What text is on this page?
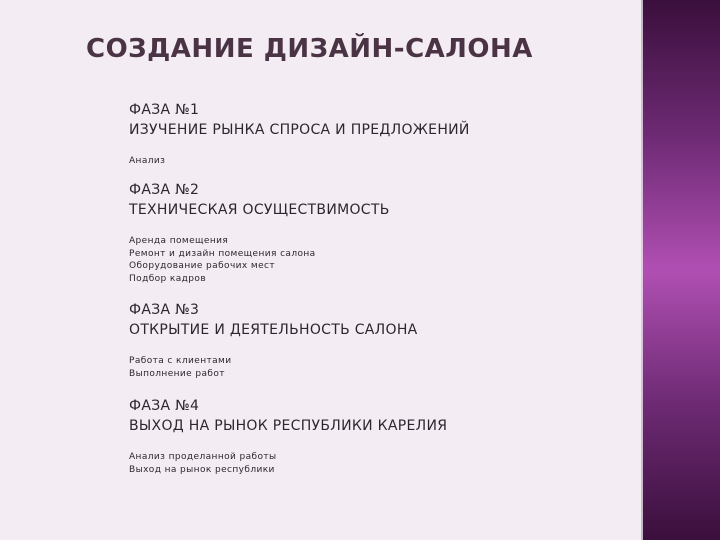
СОЗДАНИЕ ДИЗАЙН-САЛОНА
ФАЗА №1
ИЗУЧЕНИЕ РЫНКА СПРОСА И ПРЕДЛОЖЕНИЙ
Анализ
ФАЗА №2
ТЕХНИЧЕСКАЯ ОСУЩЕСТВИМОСТЬ
Аренда помещения
Ремонт и дизайн помещения салона
Оборудование рабочих мест
Подбор кадров
ФАЗА №3
ОТКРЫТИЕ И ДЕЯТЕЛЬНОСТЬ САЛОНА
Работа с клиентами
Выполнение работ
ФАЗА №4
ВЫХОД НА РЫНОК РЕСПУБЛИКИ КАРЕЛИЯ
Анализ проделанной работы
Выход на рынок республики
